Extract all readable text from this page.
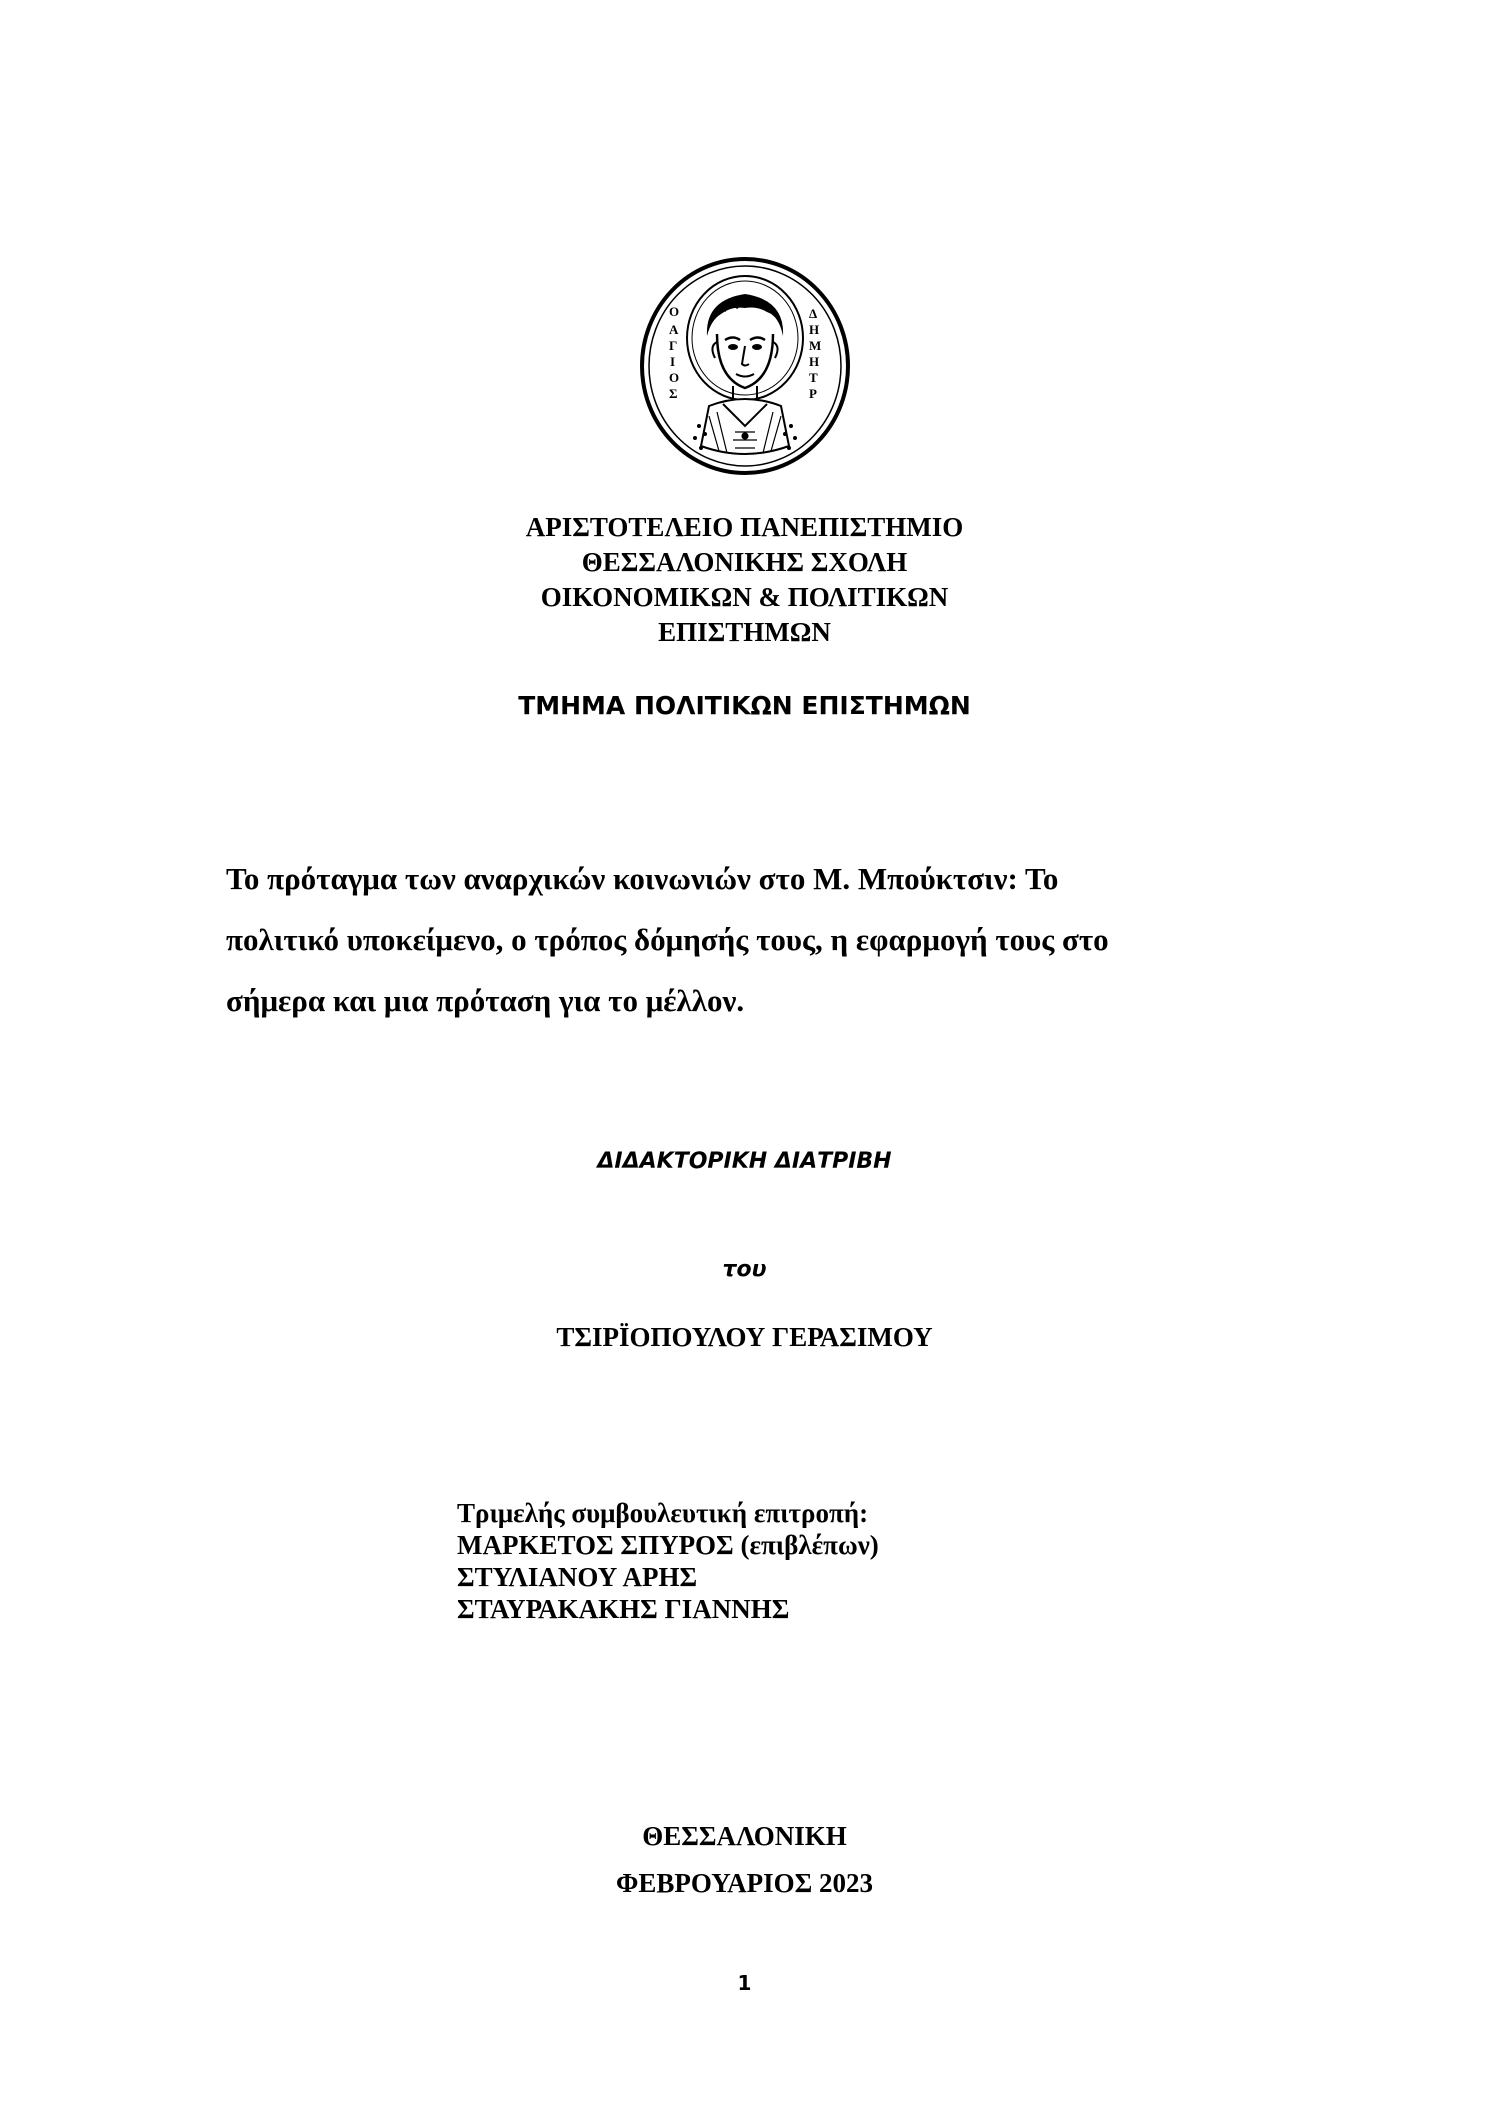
Ο
Α
Γ
Ι
Ο
Σ
Δ
Η
Μ
Η
Τ
Ρ
ΑΡΙΣΤΟΤΕΛΕΙΟ ΠΑΝΕΠΙΣΤΗΜΙΟ
ΘΕΣΣΑΛΟΝΙΚΗΣ ΣΧΟΛΗ
ΟΙΚΟΝΟΜΙΚΩΝ & ΠΟΛΙΤΙΚΩΝ
ΕΠΙΣΤΗΜΩΝ
ΤΜΗΜΑ ΠΟΛΙΤΙΚΩΝ ΕΠΙΣΤΗΜΩΝ
Το πρόταγμα των αναρχικών κοινωνιών στο Μ. Μπούκτσιν: Το
πολιτικό υποκείμενο, ο τρόπος δόμησής τους, η εφαρμογή τους στο
σήμερα και μια πρόταση για το μέλλον.
ΔΙΔΑΚΤΟΡΙΚΗ ΔΙΑΤΡΙΒΗ
του
ΤΣΙΡΪΟΠΟΥΛΟΥ ΓΕΡΑΣΙΜΟΥ
Τριμελής συμβουλευτική επιτροπή:
ΜΑΡΚΕΤΟΣ ΣΠΥΡΟΣ (επιβλέπων)
ΣΤΥΛΙΑΝΟΥ ΑΡΗΣ
ΣΤΑΥΡΑΚΑΚΗΣ ΓΙΑΝΝΗΣ
ΘΕΣΣΑΛΟΝΙΚΗ
ΦΕΒΡΟΥΑΡΙΟΣ 2023
1
